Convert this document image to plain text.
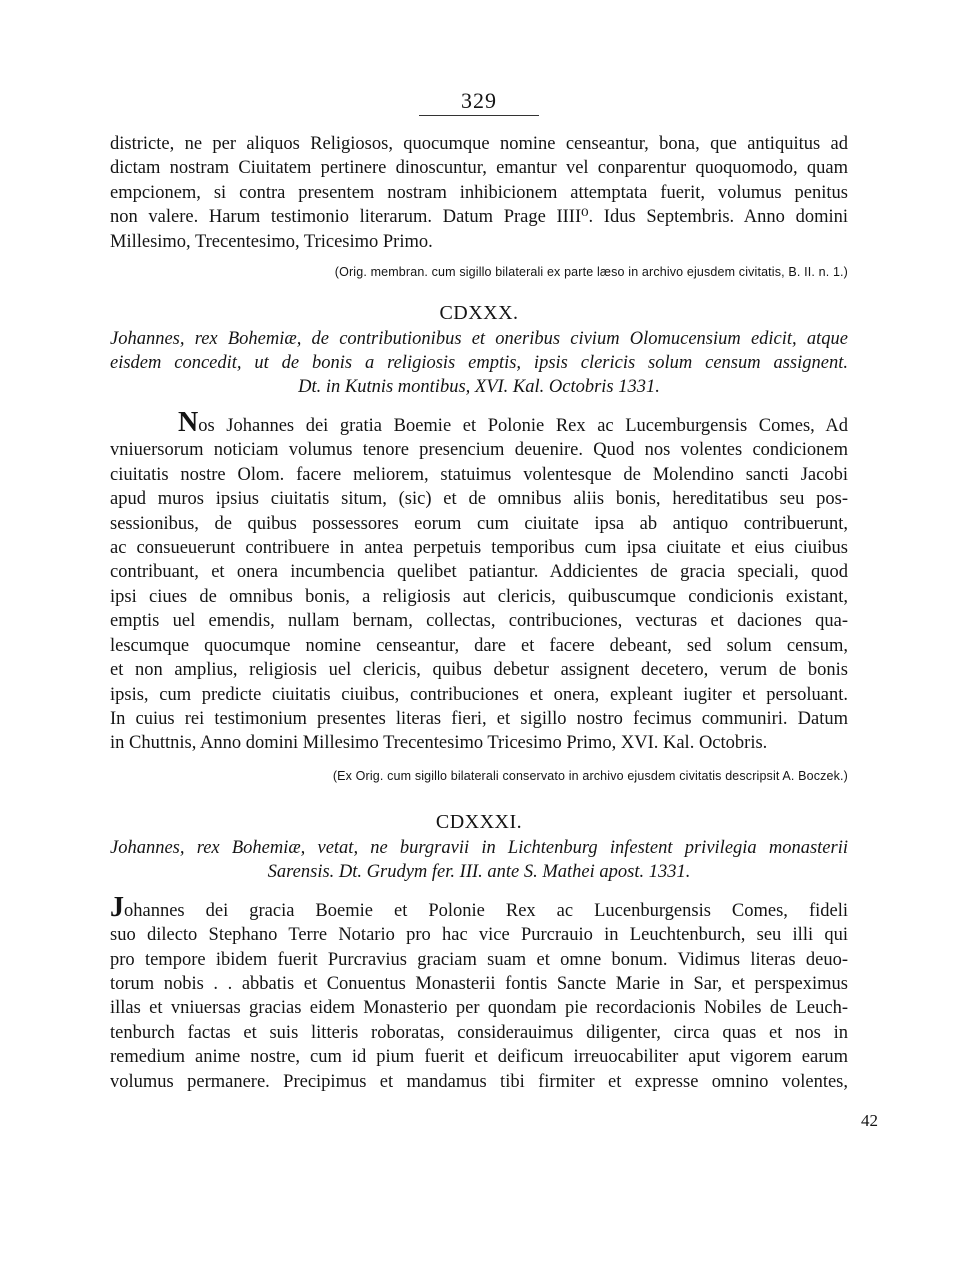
329
districte, ne per aliquos Religiosos, quocumque nomine censeantur, bona, que antiquitus ad
dictam nostram Ciuitatem pertinere dinoscuntur, emantur vel conparentur quoquomodo, quam
empcionem, si contra presentem nostram inhibicionem attemptata fuerit, volumus penitus
non valere. Harum testimonio literarum. Datum Prage IIII⁰. Idus Septembris. Anno domini
Millesimo, Trecentesimo, Tricesimo Primo.

(Orig. membran. cum sigillo bilaterali ex parte læso in archivo ejusdem civitatis, B. II. n. 1.)

CDXXX.

Johannes, rex Bohemiæ, de contributionibus et oneribus civium Olomucensium edicit, atque
eisdem concedit, ut de bonis a religiosis emptis, ipsis clericis solum censum assignent.
Dt. in Kutnis montibus, XVI. Kal. Octobris 1331.
Nos Johannes dei gratia Boemie et Polonie Rex ac Lucemburgensis Comes, Ad
vniuersorum noticiam volumus tenore presencium deuenire. Quod nos volentes condicionem
ciuitatis nostre Olom. facere meliorem, statuimus volentesque de Molendino sancti Jacobi
apud muros ipsius ciuitatis situm, (sic) et de omnibus aliis bonis, hereditatibus seu pos-
sessionibus, de quibus possessores eorum cum ciuitate ipsa ab antiquo contribuerunt,
ac consueuerunt contribuere in antea perpetuis temporibus cum ipsa ciuitate et eius ciuibus
contribuant, et onera incumbencia quelibet patiantur. Addicientes de gracia speciali, quod
ipsi ciues de omnibus bonis, a religiosis aut clericis, quibuscumque condicionis existant,
emptis uel emendis, nullam bernam, collectas, contribuciones, vecturas et daciones qua-
lescumque quocumque nomine censeantur, dare et facere debeant, sed solum censum,
et non amplius, religiosis uel clericis, quibus debetur assignent decetero, verum de bonis
ipsis, cum predicte ciuitatis ciuibus, contribuciones et onera, expleant iugiter et persoluant.
In cuius rei testimonium presentes literas fieri, et sigillo nostro fecimus communiri. Datum
in Chuttnis, Anno domini Millesimo Trecentesimo Tricesimo Primo, XVI. Kal. Octobris.

(Ex Orig. cum sigillo bilaterali conservato in archivo ejusdem civitatis descripsit A. Boczek.)

CDXXXI.

Johannes, rex Bohemiæ, vetat, ne burgravii in Lichtenburg infestent privilegia monasterii
Sarensis. Dt. Grudym fer. III. ante S. Mathei apost. 1331.
Johannes dei gracia Boemie et Polonie Rex ac Lucenburgensis Comes, fideli
suo dilecto Stephano Terre Notario pro hac vice Purcrauio in Leuchtenburch, seu illi qui
pro tempore ibidem fuerit Purcravius graciam suam et omne bonum. Vidimus literas deuo-
torum nobis . . abbatis et Conuentus Monasterii fontis Sancte Marie in Sar, et perspeximus
illas et vniuersas gracias eidem Monasterio per quondam pie recordacionis Nobiles de Leuch-
tenburch factas et suis litteris roboratas, considerauimus diligenter, circa quas et nos in
remedium anime nostre, cum id pium fuerit et deificum irreuocabiliter aput vigorem earum
volumus permanere. Precipimus et mandamus tibi firmiter et expresse omnino volentes,
42
